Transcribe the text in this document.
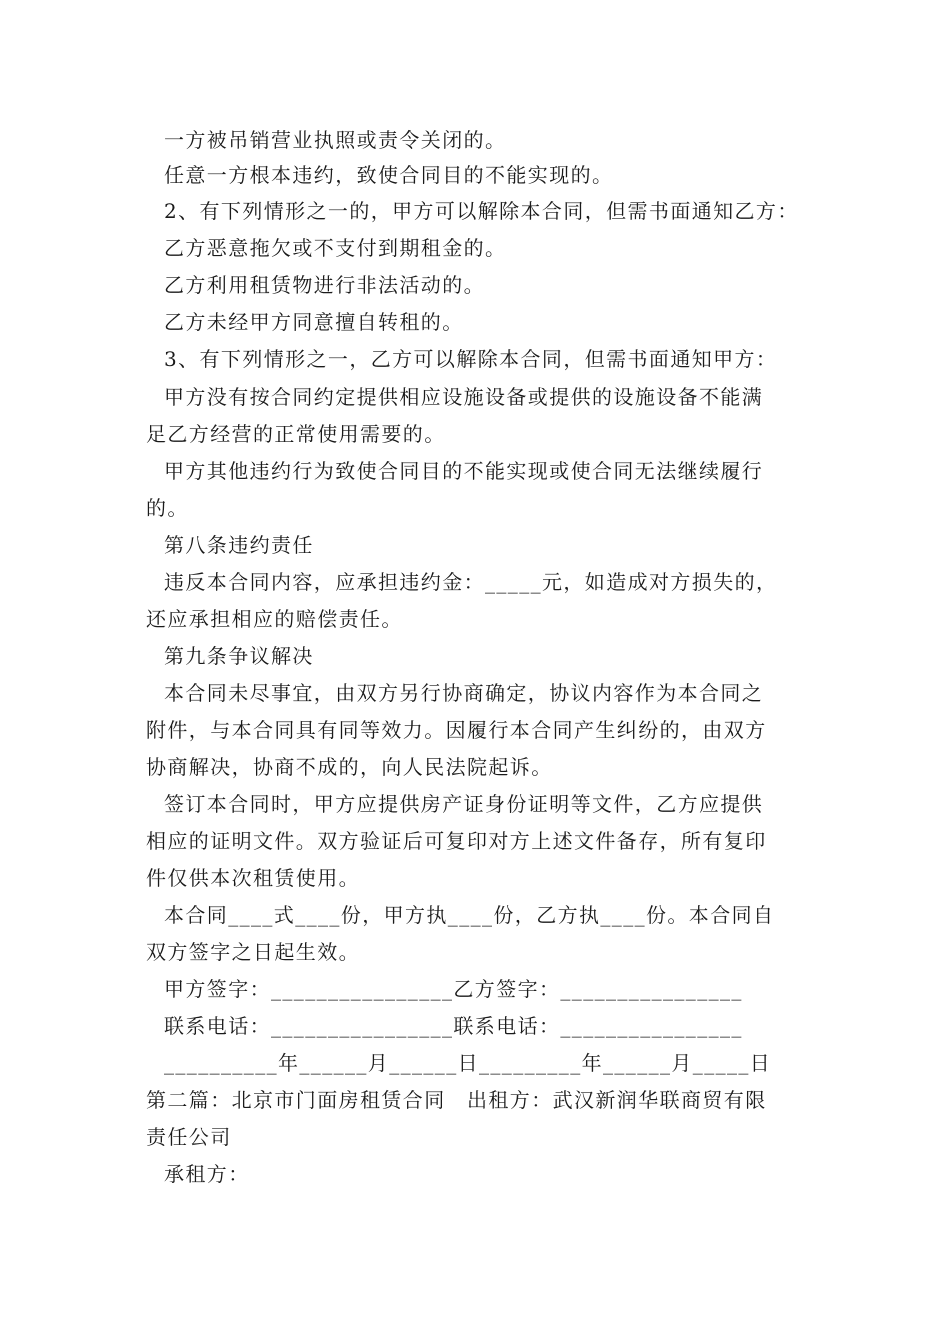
一方被吊销营业执照或责令关闭的。
任意一方根本违约，致使合同目的不能实现的。
2、有下列情形之一的，甲方可以解除本合同，但需书面通知乙方：
乙方恶意拖欠或不支付到期租金的。
乙方利用租赁物进行非法活动的。
乙方未经甲方同意擅自转租的。
3、有下列情形之一，乙方可以解除本合同，但需书面通知甲方：
甲方没有按合同约定提供相应设施设备或提供的设施设备不能满
足乙方经营的正常使用需要的。
甲方其他违约行为致使合同目的不能实现或使合同无法继续履行
的。
第八条违约责任
违反本合同内容，应承担违约金：_____元，如造成对方损失的，
还应承担相应的赔偿责任。
第九条争议解决
本合同未尽事宜，由双方另行协商确定，协议内容作为本合同之
附件，与本合同具有同等效力。因履行本合同产生纠纷的，由双方
协商解决，协商不成的，向人民法院起诉。
签订本合同时，甲方应提供房产证身份证明等文件，乙方应提供
相应的证明文件。双方验证后可复印对方上述文件备存，所有复印
件仅供本次租赁使用。
本合同____式____份，甲方执____份，乙方执____份。本合同自
双方签字之日起生效。
甲方签字：________________乙方签字：________________
联系电话：________________联系电话：________________
__________年______月______日_________年______月_____日
第二篇：北京市门面房租赁合同　出租方：武汉新润华联商贸有限
责任公司
承租方：
